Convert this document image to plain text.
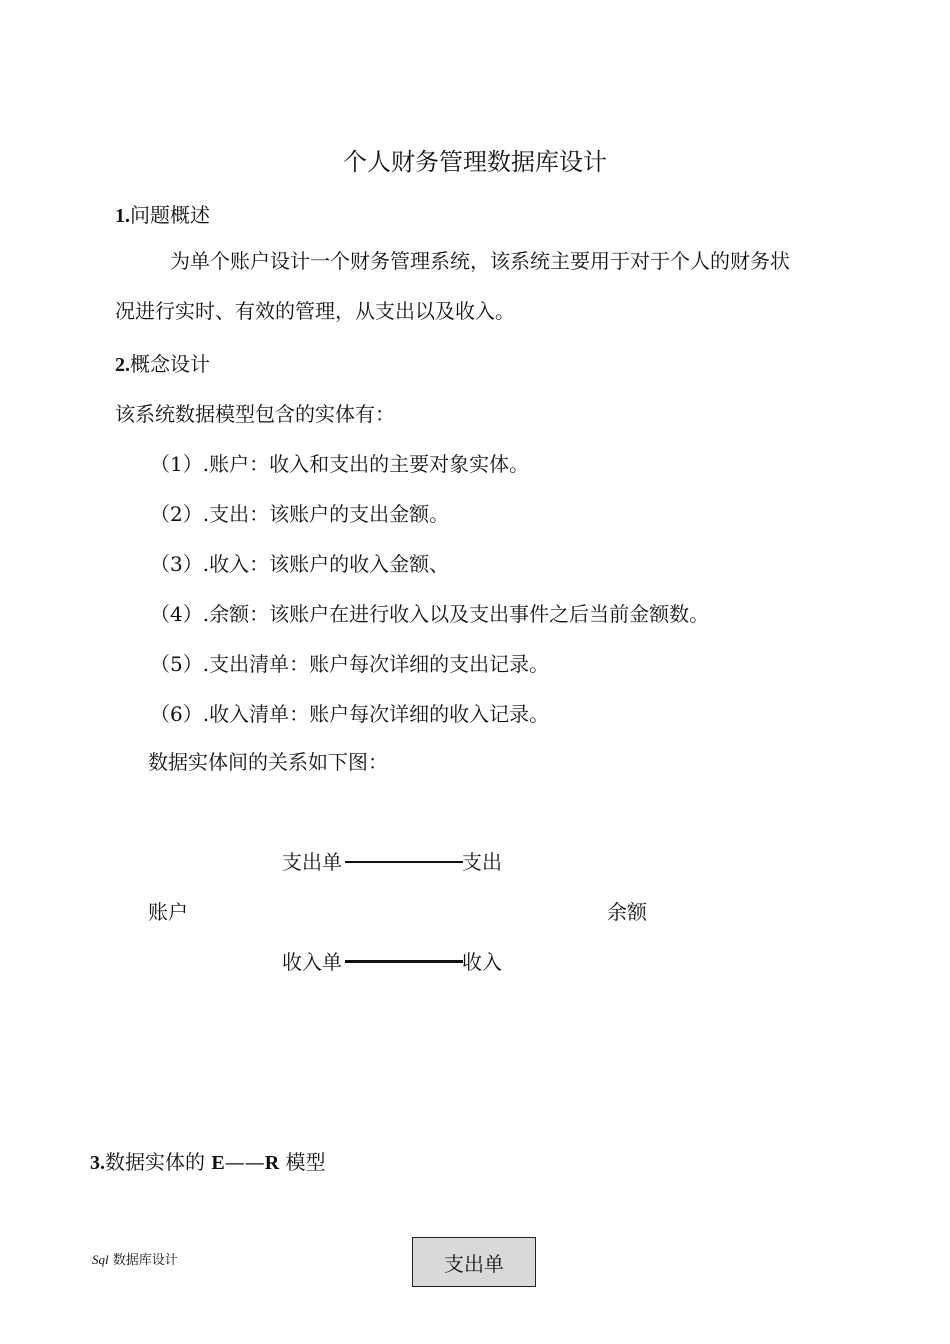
个人财务管理数据库设计
1.问题概述
为单个账户设计一个财务管理系统，该系统主要用于对于个人的财务状
况进行实时、有效的管理，从支出以及收入。
2.概念设计
该系统数据模型包含的实体有：
（1）.账户：收入和支出的主要对象实体。
（2）.支出：该账户的支出金额。
（3）.收入：该账户的收入金额、
（4）.余额：该账户在进行收入以及支出事件之后当前金额数。
（5）.支出清单：账户每次详细的支出记录。
（6）.收入清单：账户每次详细的收入记录。
数据实体间的关系如下图：
支出单	支出
账户	余额
收入单	收入
3.数据实体的 E——R 模型
Sql 数据库设计	支出单
